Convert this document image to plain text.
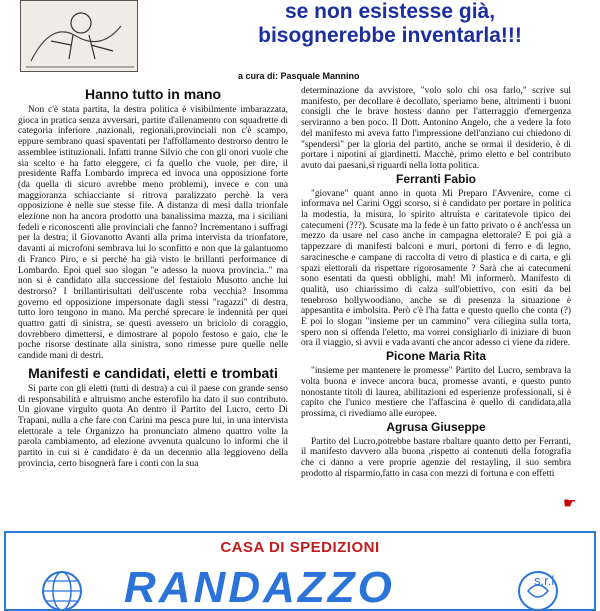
se non esistesse già,
bisognerebbe inventarla!!!
a cura di: Pasquale Mannino
Hanno tutto in mano

Non c'è stata partita, la destra politica è visibilmente imbarazzata, gioca in pratica senza avversari, partite d'allenamento con squadrette di categoria inferiore ,nazionali, regionali,provinciali non c'è scampo, eppure sembrano quasi spaventati per l'affollamento destrorso dentro le assemblee istituzionali. Infatti tranne Silvio che con gli onori vuole che sia scelto e ha fatto eleggere, ci fa quello che vuole, per dire, il presidente Raffa Lombardo impreca ed invoca una opposizione forte (da quella di sicuro avrebbe meno problemi), invece e con una maggioranza schiacciante si ritrova paralizzato perchè la vera opposizione è nelle sue stesse file. A distanza di mesi dalla trionfale elezione non ha ancora prodotto una banalissima mazza, ma i siciliani fedeli e riconoscenti alle provinciali che fanno? Incrementano i suffragi per la destra; il Giovanotto Avanti alla prima intervista da trionfatore, davanti ai microfoni sembrava lui lo sconfitto e non que la galantuomo di Franco Piro, e si perchè ha già visto le brillanti performance di Lombardo. Epoi quel suo slogan "e adesso la nuova provincia.." ma non si è candidato alla successione del festaiolo Musotto anche lui destrorso? I brillantirisultati dell'uscente roba vecchia? Insomma governo ed opposizione impersonate dagli stessi "ragazzi" di destra, tutto loro tengono in mano. Ma perché sprecare le indennità per quei quattro gatti di sinistra, se questi avessero un briciolo di coraggio, dovrebbero dimettersi, e dimostrare al popolo festoso e gaio, che le poche risorse destinate alla sinistra, sono rimesse pure quelle nelle candide mani di destri.

Manifesti e candidati, eletti e trombati

Si parte con gli eletti (tutti di destra) a cui il paese con grande senso di responsabilità e altruismo anche esterofilo ha dato il suo contributo. Un giovane virgulto quota An dentro il Partito del Lucro, certo Di Trapani, nulla a che fare con Carini ma pesca pure lui, in una intervista elettorale a tele Organizzo ha pronunciato almeno quattro volte la parola cambiamento, ad elezione avvenuta qualcuno lo informi che il partito in cui si è candidato è da un decennio alla leggioveno della provincia, certo bisognerà fare i conti con la sua

determinazione da avvistore, "volo solo chi osa farlo," scrive sul manifesto, per decollare è decollato, speriamo bene, altrimenti i buoni consigli che le brave hostess danno per l'atterraggio d'emergenza serviranno a ben poco. Il Dott. Antonino Angelo, che a vedere la foto del manifesto mi aveva fatto l'impressione dell'anziano cui chiedono di "spendersi" per la gloria del partito, anche se ormai il desiderio, è di portare i nipotini ai giardinetti. Macchè, primo eletto e bel contributo avuto dai paesani,si riguardi nella lotta politica.

Ferranti Fabio

"giovane" quant anno in quota Mi Preparo l'Avvenire, come ci informava nel Carini Oggi scorso, si è candidato per portare in politica la modestia, la misura, lo spirito altruista e caritatevole tipico dei catecumeni (???). Scusate ma la fede è un fatto privato o è anch'essa un mezzo da usare nel caso anche in campagna elettorale? E poi già a tappezzare di manifesti balconi e muri, portoni di ferro e di legno, saracinesche e campane di raccolta di vetro di plastica e di carta, e gli spazi elettorali da rispettare rigorosamente ? Sarà che ai catecumeni sono esentati da questi obblighi, mah! Mi informerò. Manifesto di qualità, uso chiarissimo di calza sull'obiettivo, con esiti da bel tenebroso hollywoodiano, anche se di presenza la situazione è appesantita e imbolsita. Però c'è l'ha fatta e questo quello che conta (?) E poi lo slogan "insieme per un cammino" vera ciliegina sulla torta, spero non si offenda l'eletto, ma vorrei consigliarlo di iniziare di buon ora il viaggio, si avvii e vada avanti che ancor adesso ci viene da ridere.

Picone Maria Rita

"insieme per mantenere le promesse" Partito del Lucro, sembrava la volta buona e invece ancora buca, promesse avanti, e questo punto nonostante titoli di laurea, abilitazioni ed esperienze professionali, si è capito che l'unico mestiere che l'affascina è quello di candidata,alla prossima, ci rivediamo alle europee.

Agrusa Giuseppe

Partito del Lucro,potrebbe bastare rbaltare quanto detto per Ferranti, il manifesto davvero alla buona ,rispetto ai contenuti della fotografia che ci danno a vere proprie agenzie del restayling, il suo sembra prodotto al risparmio,fatto in casa con mezzi di fortuna e con effetti

☛
CASA DI SPEDIZIONI
RANDAZZO	s.r.l.
